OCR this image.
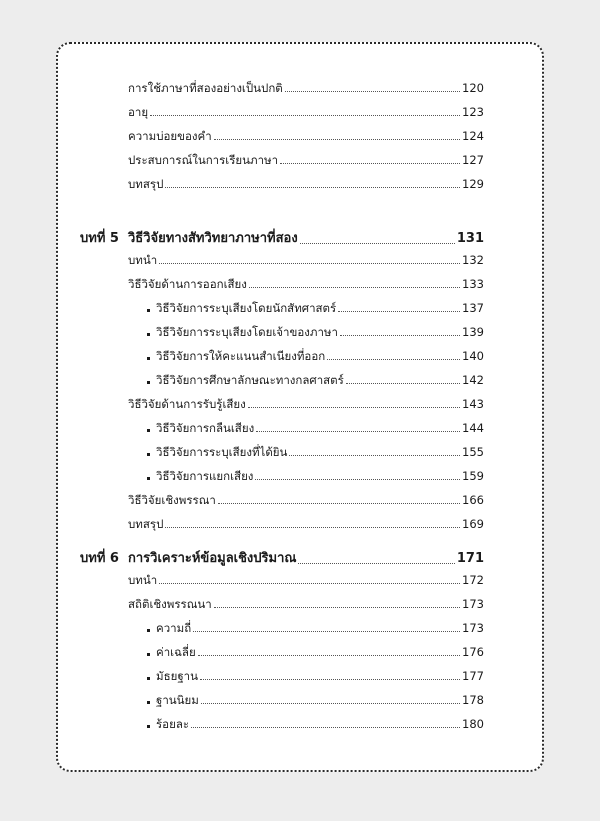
การใช้ภาษาที่สองอย่างเป็นปกติ	120
อายุ	123
ความบ่อยของคำ	124
ประสบการณ์ในการเรียนภาษา	127
บทสรุป	129
บทที่ 5 วิธีวิจัยทางสัทวิทยาภาษาที่สอง	131
บทนำ	132
วิธีวิจัยด้านการออกเสียง	133
วิธีวิจัยการระบุเสียงโดยนักสัทศาสตร์	137
วิธีวิจัยการระบุเสียงโดยเจ้าของภาษา	139
วิธีวิจัยการให้คะแนนสำเนียงที่ออก	140
วิธีวิจัยการศึกษาลักษณะทางกลศาสตร์	142
วิธีวิจัยด้านการรับรู้เสียง	143
วิธีวิจัยการกลืนเสียง	144
วิธีวิจัยการระบุเสียงที่ได้ยิน	155
วิธีวิจัยการแยกเสียง	159
วิธีวิจัยเชิงพรรณา	166
บทสรุป	169
บทที่ 6 การวิเคราะห์ข้อมูลเชิงปริมาณ	171
บทนำ	172
สถิติเชิงพรรณนา	173
ความถี่	173
ค่าเฉลี่ย	176
มัธยฐาน	177
ฐานนิยม	178
ร้อยละ	180
